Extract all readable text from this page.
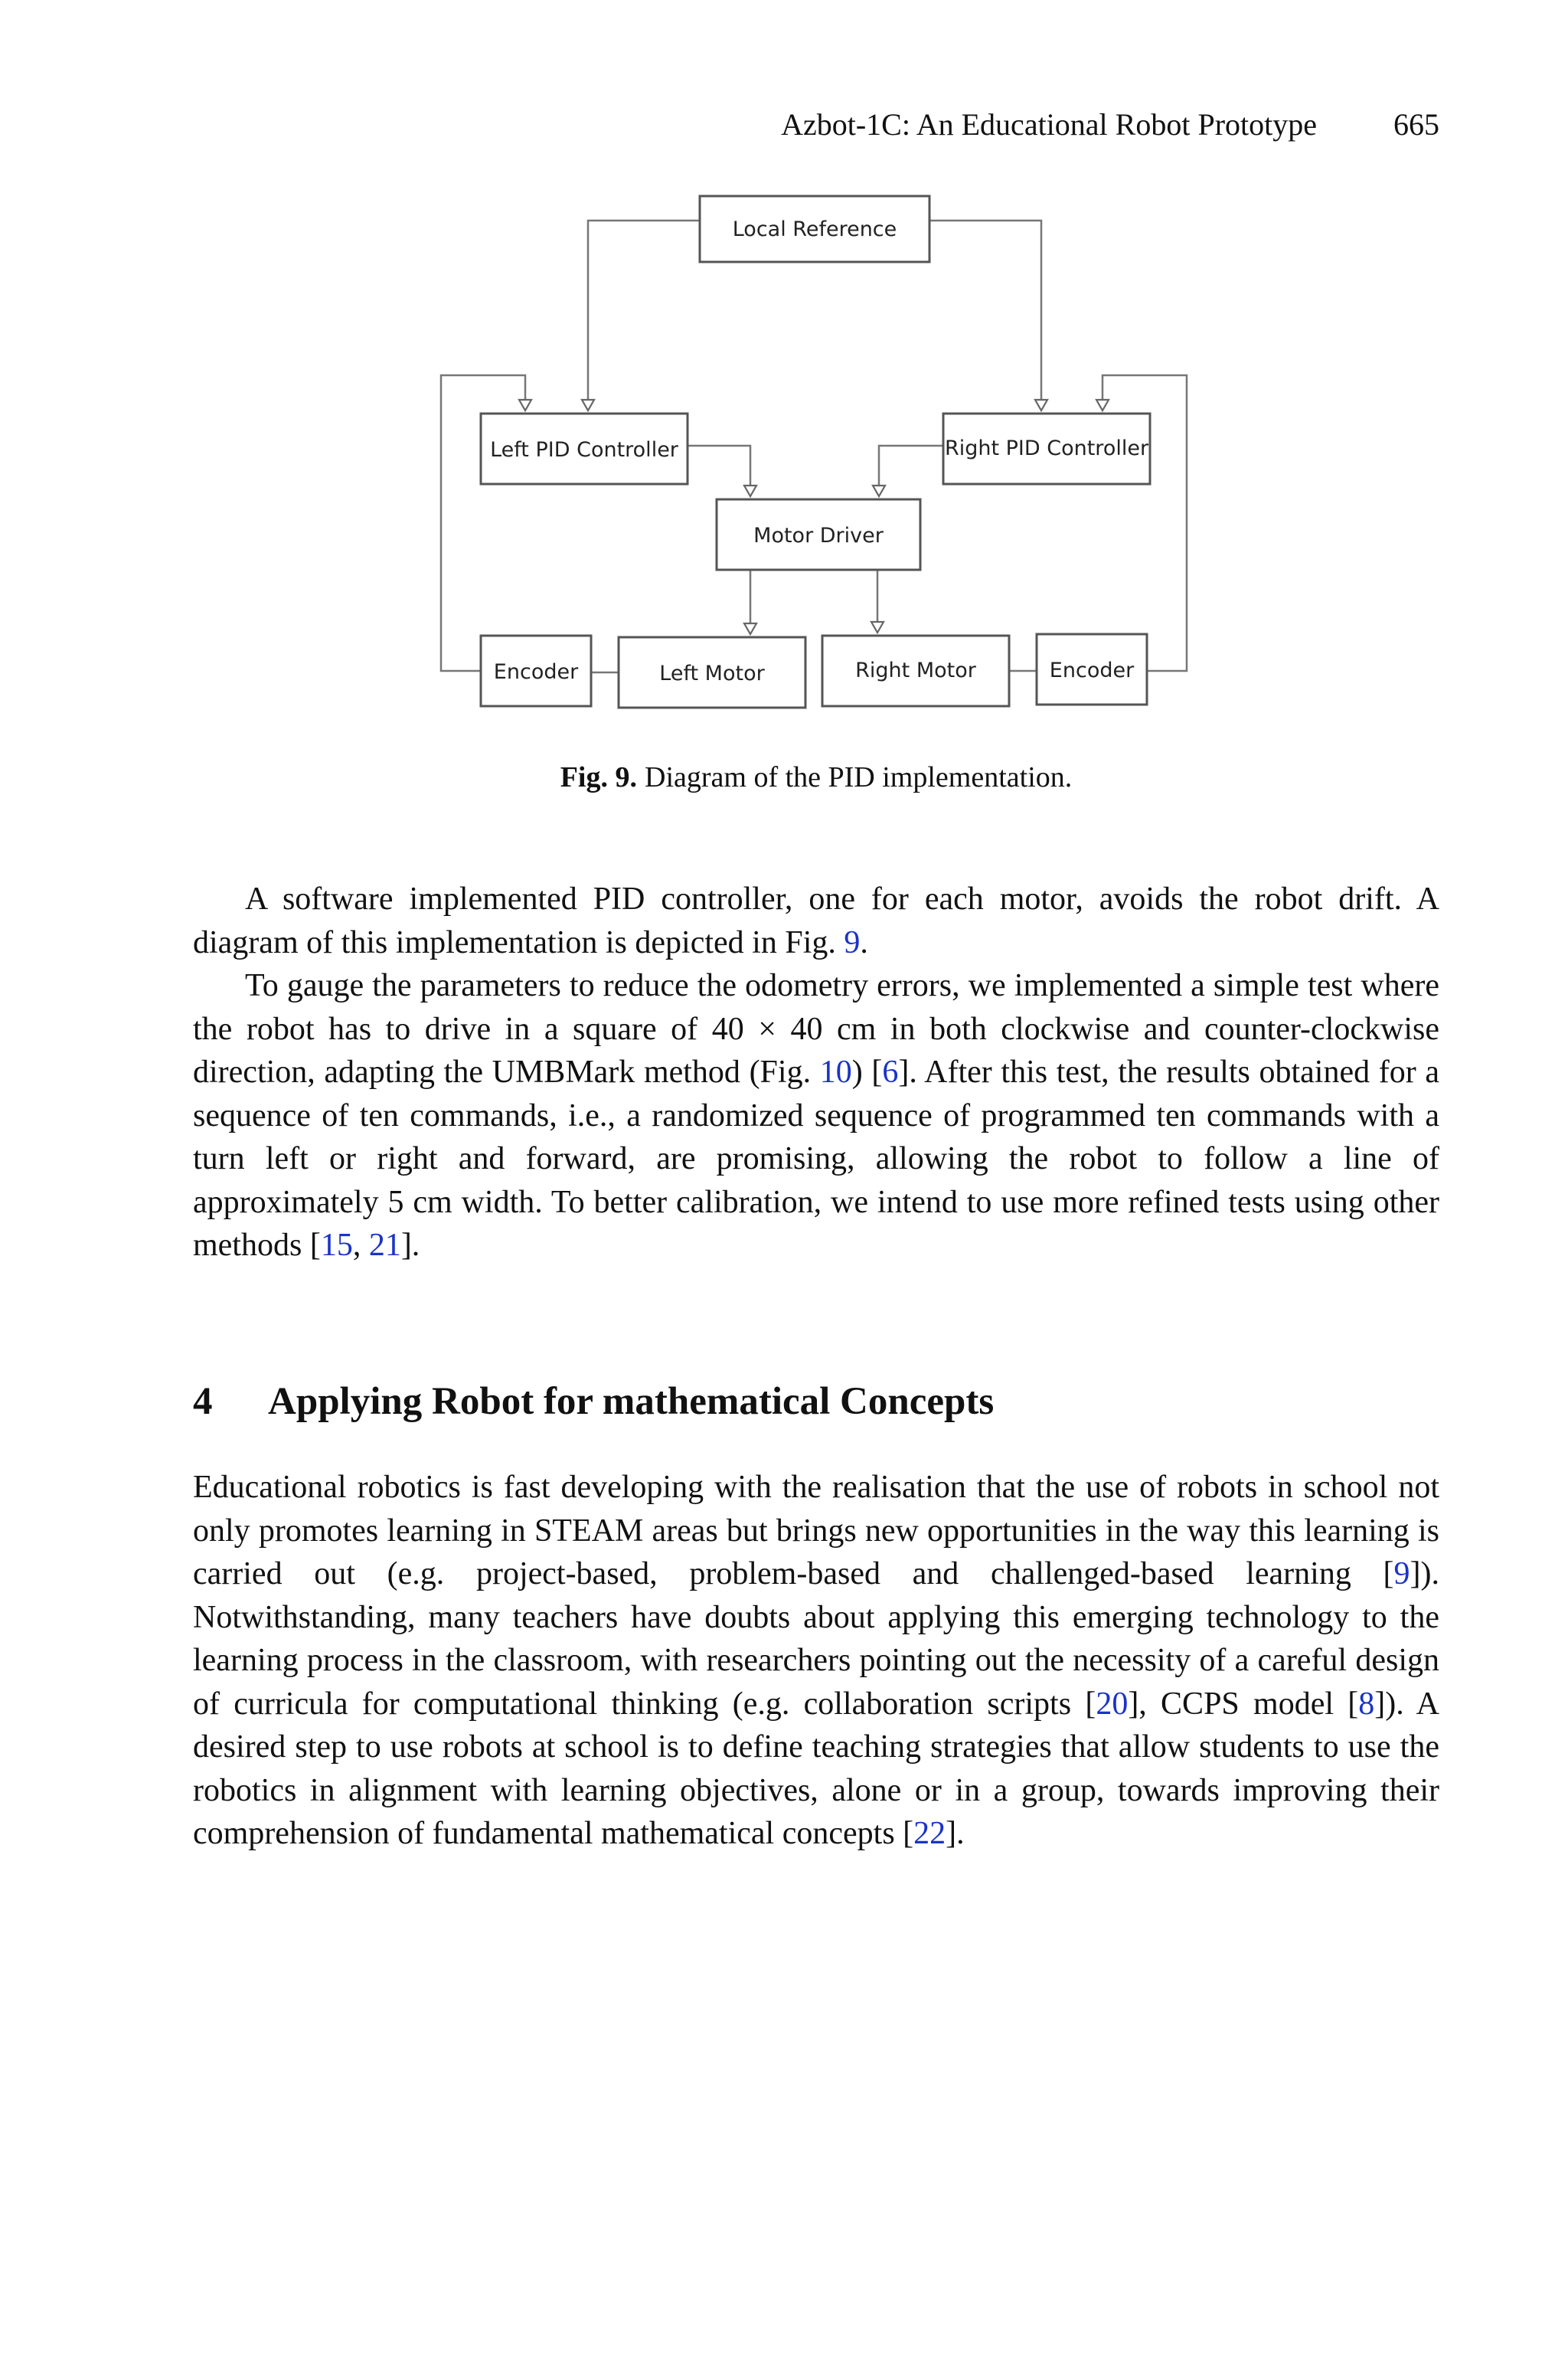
Azbot-1C: An Educational Robot Prototype	665
Local Reference
Left PID Controller	Right PID Controller
Motor Driver
Encoder	Left Motor	Right Motor	Encoder
Fig. 9. Diagram of the PID implementation.

A software implemented PID controller, one for each motor, avoids the robot drift. A diagram of this implementation is depicted in Fig. 9.

To gauge the parameters to reduce the odometry errors, we implemented a simple test where the robot has to drive in a square of 40 × 40 cm in both clockwise and counter-clockwise direction, adapting the UMBMark method (Fig. 10) [6]. After this test, the results obtained for a sequence of ten commands, i.e., a randomized sequence of programmed ten commands with a turn left or right and forward, are promising, allowing the robot to follow a line of approximately 5 cm width. To better calibration, we intend to use more refined tests using other methods [15, 21].

4 Applying Robot for mathematical Concepts

Educational robotics is fast developing with the realisation that the use of robots in school not only promotes learning in STEAM areas but brings new opportunities in the way this learning is carried out (e.g. project-based, problem-based and challenged-based learning [9]). Notwithstanding, many teachers have doubts about applying this emerging technology to the learning process in the classroom, with researchers pointing out the necessity of a careful design of curricula for computational thinking (e.g. collaboration scripts [20], CCPS model [8]). A desired step to use robots at school is to define teaching strategies that allow students to use the robotics in alignment with learning objectives, alone or in a group, towards improving their comprehension of fundamental mathematical concepts [22].
